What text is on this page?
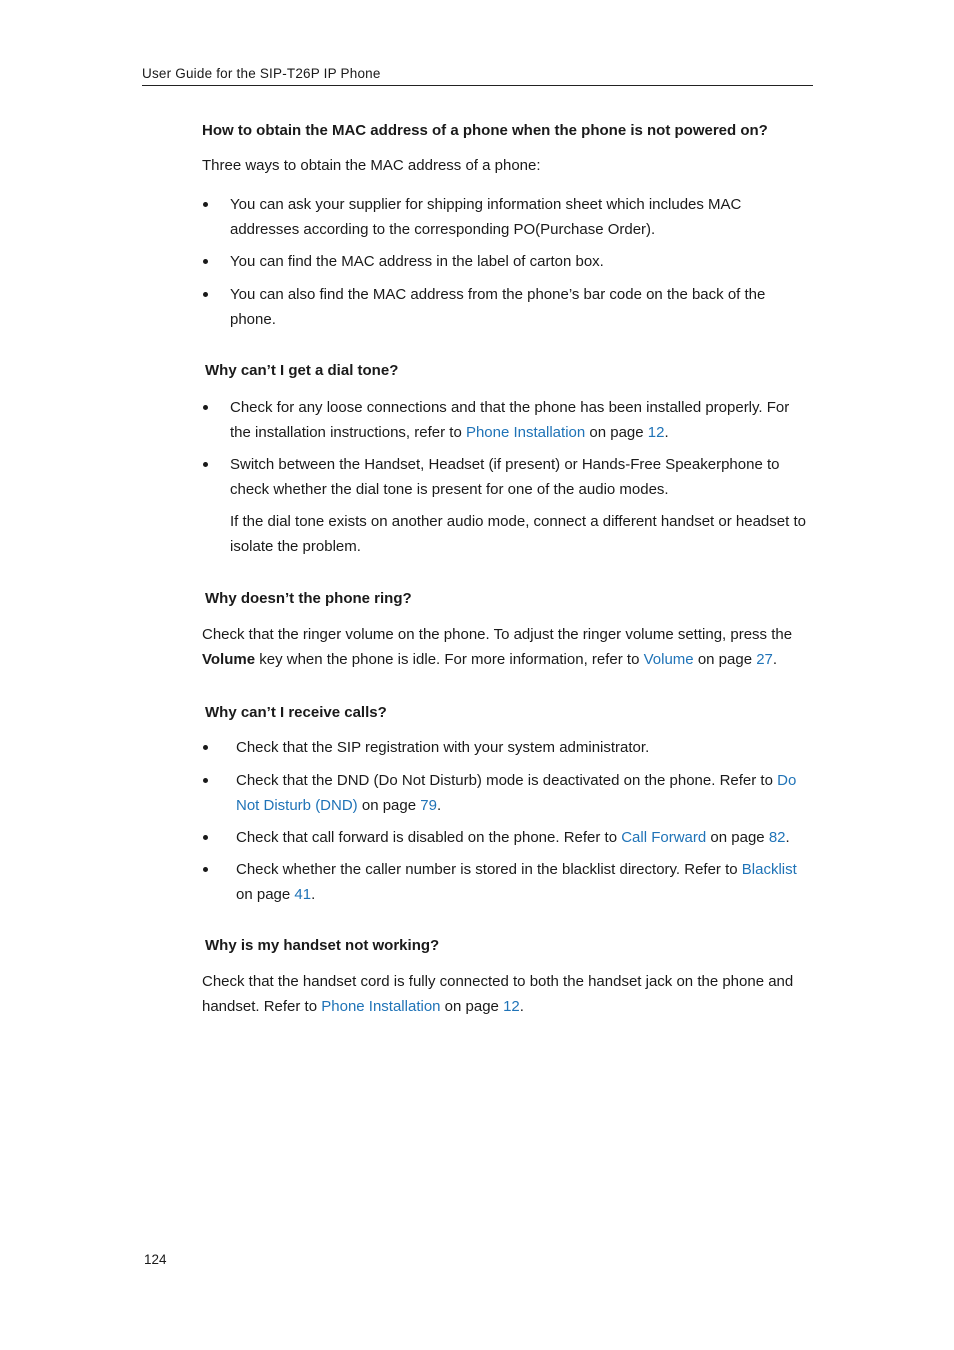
User Guide for the SIP-T26P IP Phone
How to obtain the MAC address of a phone when the phone is not powered on?

Three ways to obtain the MAC address of a phone:

You can ask your supplier for shipping information sheet which includes MAC addresses according to the corresponding PO(Purchase Order).
You can find the MAC address in the label of carton box.
You can also find the MAC address from the phone’s bar code on the back of the phone.
Why can’t I get a dial tone?
Check for any loose connections and that the phone has been installed properly. For the installation instructions, refer to Phone Installation on page 12.
Switch between the Handset, Headset (if present) or Hands-Free Speakerphone to check whether the dial tone is present for one of the audio modes.

If the dial tone exists on another audio mode, connect a different handset or headset to isolate the problem.

Why doesn’t the phone ring?

Check that the ringer volume on the phone. To adjust the ringer volume setting, press the Volume key when the phone is idle. For more information, refer to Volume on page 27.

Why can’t I receive calls?
Check that the SIP registration with your system administrator.
Check that the DND (Do Not Disturb) mode is deactivated on the phone. Refer to Do Not Disturb (DND) on page 79.
Check that call forward is disabled on the phone. Refer to Call Forward on page 82.
Check whether the caller number is stored in the blacklist directory. Refer to Blacklist on page 41.
Why is my handset not working?

Check that the handset cord is fully connected to both the handset jack on the phone and handset. Refer to Phone Installation on page 12.

124
